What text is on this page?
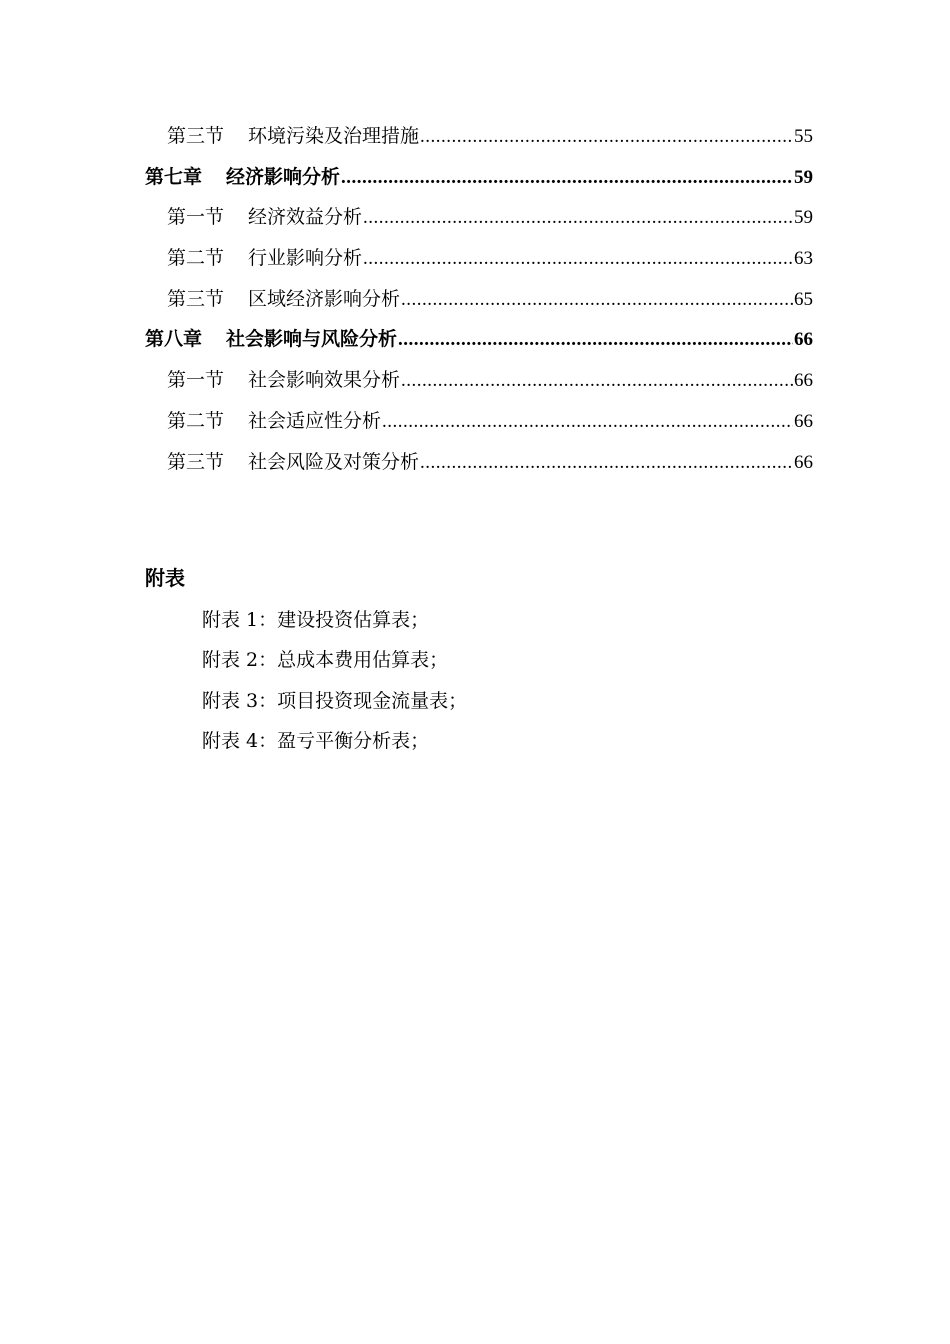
第三节 环境污染及治理措施 .....	55
第七章 经济影响分析 .....	59
第一节 经济效益分析 .....	59
第二节 行业影响分析 .....	63
第三节 区域经济影响分析 .....	65
第八章 社会影响与风险分析 .....	66
第一节 社会影响效果分析 .....	66
第二节 社会适应性分析 .....	66
第三节 社会风险及对策分析 .....	66
附表
附表 1：建设投资估算表；
附表 2：总成本费用估算表；
附表 3：项目投资现金流量表；
附表 4：盈亏平衡分析表；
